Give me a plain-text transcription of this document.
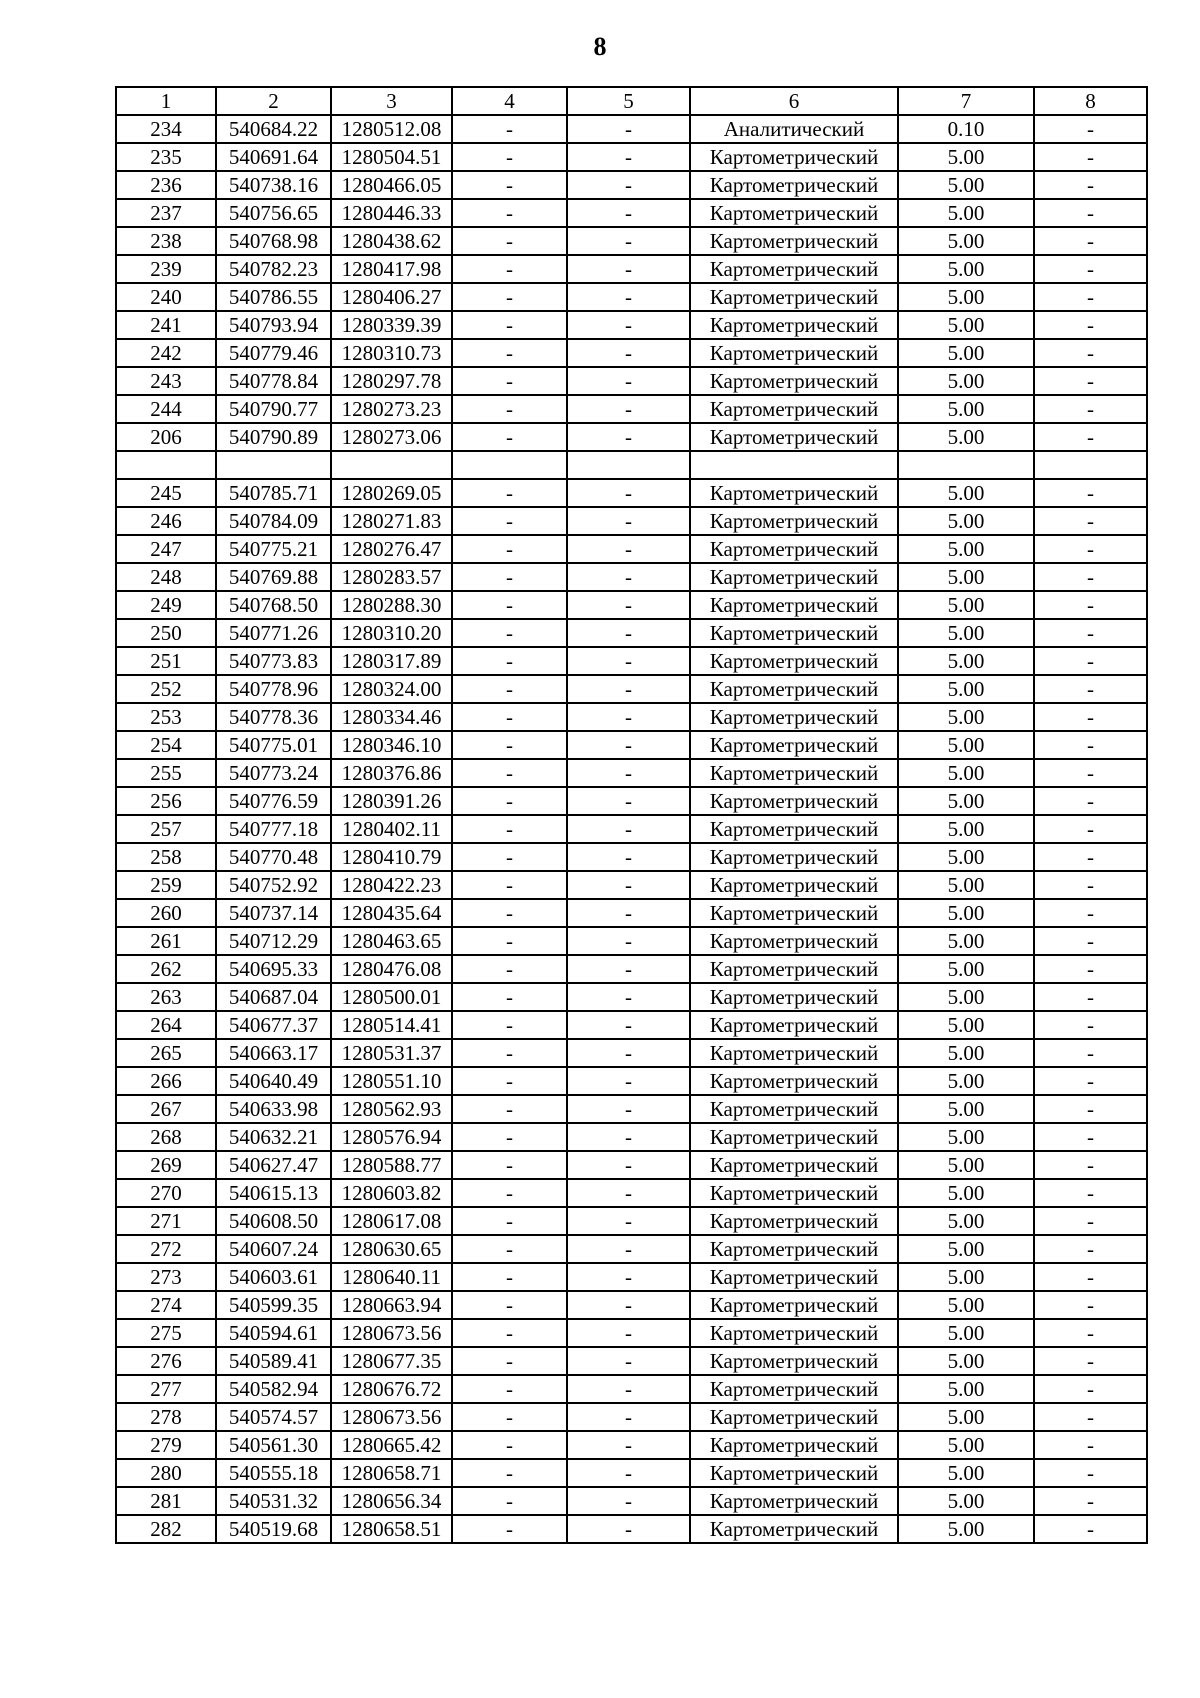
8
1	2	3	4	5	6	7	8
234	540684.22	1280512.08	-	-	Аналитический	0.10	-
235	540691.64	1280504.51	-	-	Картометрический	5.00	-
236	540738.16	1280466.05	-	-	Картометрический	5.00	-
237	540756.65	1280446.33	-	-	Картометрический	5.00	-
238	540768.98	1280438.62	-	-	Картометрический	5.00	-
239	540782.23	1280417.98	-	-	Картометрический	5.00	-
240	540786.55	1280406.27	-	-	Картометрический	5.00	-
241	540793.94	1280339.39	-	-	Картометрический	5.00	-
242	540779.46	1280310.73	-	-	Картометрический	5.00	-
243	540778.84	1280297.78	-	-	Картометрический	5.00	-
244	540790.77	1280273.23	-	-	Картометрический	5.00	-
206	540790.89	1280273.06	-	-	Картометрический	5.00	-

245	540785.71	1280269.05	-	-	Картометрический	5.00	-
246	540784.09	1280271.83	-	-	Картометрический	5.00	-
247	540775.21	1280276.47	-	-	Картометрический	5.00	-
248	540769.88	1280283.57	-	-	Картометрический	5.00	-
249	540768.50	1280288.30	-	-	Картометрический	5.00	-
250	540771.26	1280310.20	-	-	Картометрический	5.00	-
251	540773.83	1280317.89	-	-	Картометрический	5.00	-
252	540778.96	1280324.00	-	-	Картометрический	5.00	-
253	540778.36	1280334.46	-	-	Картометрический	5.00	-
254	540775.01	1280346.10	-	-	Картометрический	5.00	-
255	540773.24	1280376.86	-	-	Картометрический	5.00	-
256	540776.59	1280391.26	-	-	Картометрический	5.00	-
257	540777.18	1280402.11	-	-	Картометрический	5.00	-
258	540770.48	1280410.79	-	-	Картометрический	5.00	-
259	540752.92	1280422.23	-	-	Картометрический	5.00	-
260	540737.14	1280435.64	-	-	Картометрический	5.00	-
261	540712.29	1280463.65	-	-	Картометрический	5.00	-
262	540695.33	1280476.08	-	-	Картометрический	5.00	-
263	540687.04	1280500.01	-	-	Картометрический	5.00	-
264	540677.37	1280514.41	-	-	Картометрический	5.00	-
265	540663.17	1280531.37	-	-	Картометрический	5.00	-
266	540640.49	1280551.10	-	-	Картометрический	5.00	-
267	540633.98	1280562.93	-	-	Картометрический	5.00	-
268	540632.21	1280576.94	-	-	Картометрический	5.00	-
269	540627.47	1280588.77	-	-	Картометрический	5.00	-
270	540615.13	1280603.82	-	-	Картометрический	5.00	-
271	540608.50	1280617.08	-	-	Картометрический	5.00	-
272	540607.24	1280630.65	-	-	Картометрический	5.00	-
273	540603.61	1280640.11	-	-	Картометрический	5.00	-
274	540599.35	1280663.94	-	-	Картометрический	5.00	-
275	540594.61	1280673.56	-	-	Картометрический	5.00	-
276	540589.41	1280677.35	-	-	Картометрический	5.00	-
277	540582.94	1280676.72	-	-	Картометрический	5.00	-
278	540574.57	1280673.56	-	-	Картометрический	5.00	-
279	540561.30	1280665.42	-	-	Картометрический	5.00	-
280	540555.18	1280658.71	-	-	Картометрический	5.00	-
281	540531.32	1280656.34	-	-	Картометрический	5.00	-
282	540519.68	1280658.51	-	-	Картометрический	5.00	-
